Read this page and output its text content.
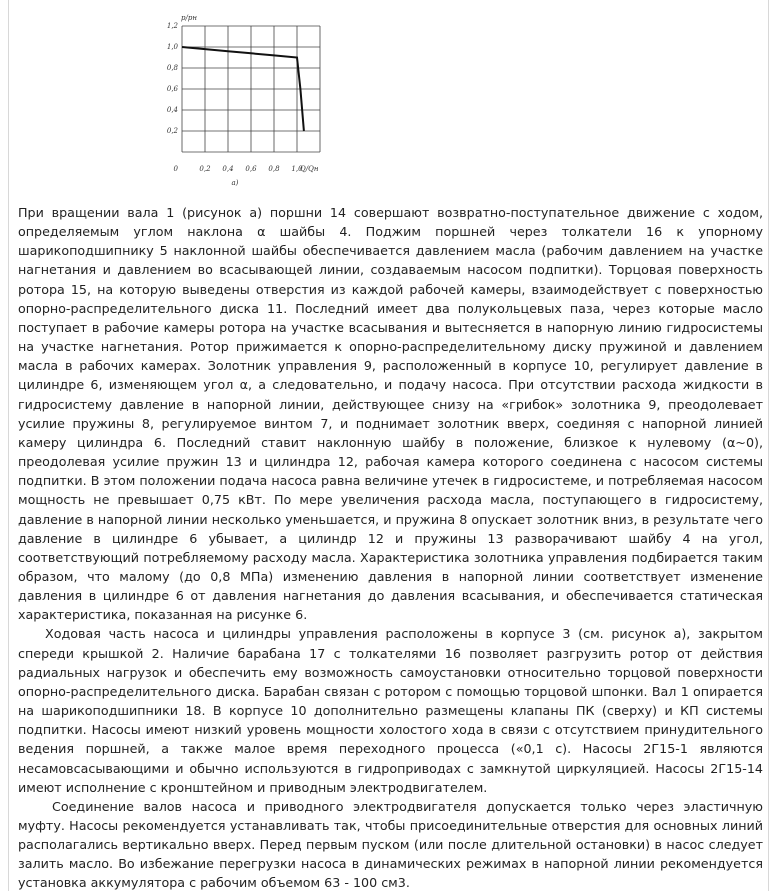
0
0,2
0,4
0,6
0,8
1,0
1,2
0,2 0,4 0,6 0,8 1,0
p/pн
Q/Qн
а)

При вращении вала 1 (рисунок а) поршни 14 совершают возвратно-поступательное движение с ходом, определяемым углом наклона α шайбы 4. Поджим поршней через толкатели 16 к упорному шарикоподшипнику 5 наклонной шайбы обеспечивается давлением масла (рабочим давлением на участке нагнетания и давлением во всасывающей линии, создаваемым насосом подпитки). Торцовая поверхность ротора 15, на которую выведены отверстия из каждой рабочей камеры, взаимодействует с поверхностью опорно-распределительного диска 11. Последний имеет два полукольцевых паза, через которые масло поступает в рабочие камеры ротора на участке всасывания и вытесняется в напорную линию гидросистемы на участке нагнетания. Ротор прижимается к опорно-распределительному диску пружиной и давлением масла в рабочих камерах. Золотник управления 9, расположенный в корпусе 10, регулирует давление в цилиндре 6, изменяющем угол α, а следовательно, и подачу насоса. При отсутствии расхода жидкости в гидросистему давление в напорной линии, действующее снизу на «грибок» золотника 9, преодолевает усилие пружины 8, регулируемое винтом 7, и поднимает золотник вверх, соединяя с напорной линией камеру цилиндра 6. Последний ставит наклонную шайбу в положение, близкое к нулевому (α~0), преодолевая усилие пружин 13 и цилиндра 12, рабочая камера которого соединена с насосом системы подпитки. В этом положении подача насоса равна величине утечек в гидросистеме, и потребляемая насосом мощность не превышает 0,75 кВт. По мере увеличения расхода масла, поступающего в гидросистему, давление в напорной линии несколько уменьшается, и пружина 8 опускает золотник вниз, в результате чего давление в цилиндре 6 убывает, а цилиндр 12 и пружины 13 разворачивают шайбу 4 на угол, соответствующий потребляемому расходу масла. Характеристика золотника управления подбирается таким образом, что малому (до 0,8 МПа) изменению давления в напорной линии соответствует изменение давления в цилиндре 6 от давления нагнетания до давления всасывания, и обеспечивается статическая характеристика, показанная на рисунке 6.

Ходовая часть насоса и цилиндры управления расположены в корпусе 3 (см. рисунок а), закрытом спереди крышкой 2. Наличие барабана 17 с толкателями 16 позволяет разгрузить ротор от действия радиальных нагрузок и обеспечить ему возможность самоустановки относительно торцовой поверхности опорно-распределительного диска. Барабан связан с ротором с помощью торцовой шпонки. Вал 1 опирается на шарикоподшипники 18. В корпусе 10 дополнительно размещены клапаны ПК (сверху) и КП системы подпитки. Насосы имеют низкий уровень мощности холостого хода в связи с отсутствием принудительного ведения поршней, а также малое время переходного процесса («0,1 с). Насосы 2Г15-1 являются несамовсасывающими и обычно используются в гидроприводах с замкнутой циркуляцией. Насосы 2Г15-14 имеют исполнение с кронштейном и приводным электродвигателем.

Соединение валов насоса и приводного электродвигателя допускается только через эластичную муфту. Насосы рекомендуется устанавливать так, чтобы присоединительные отверстия для основных линий располагались вертикально вверх. Перед первым пуском (или после длительной остановки) в насос следует залить масло. Во избежание перегрузки насоса в динамических режимах в напорной линии рекомендуется установка аккумулятора с рабочим объемом 63 - 100 см3.
